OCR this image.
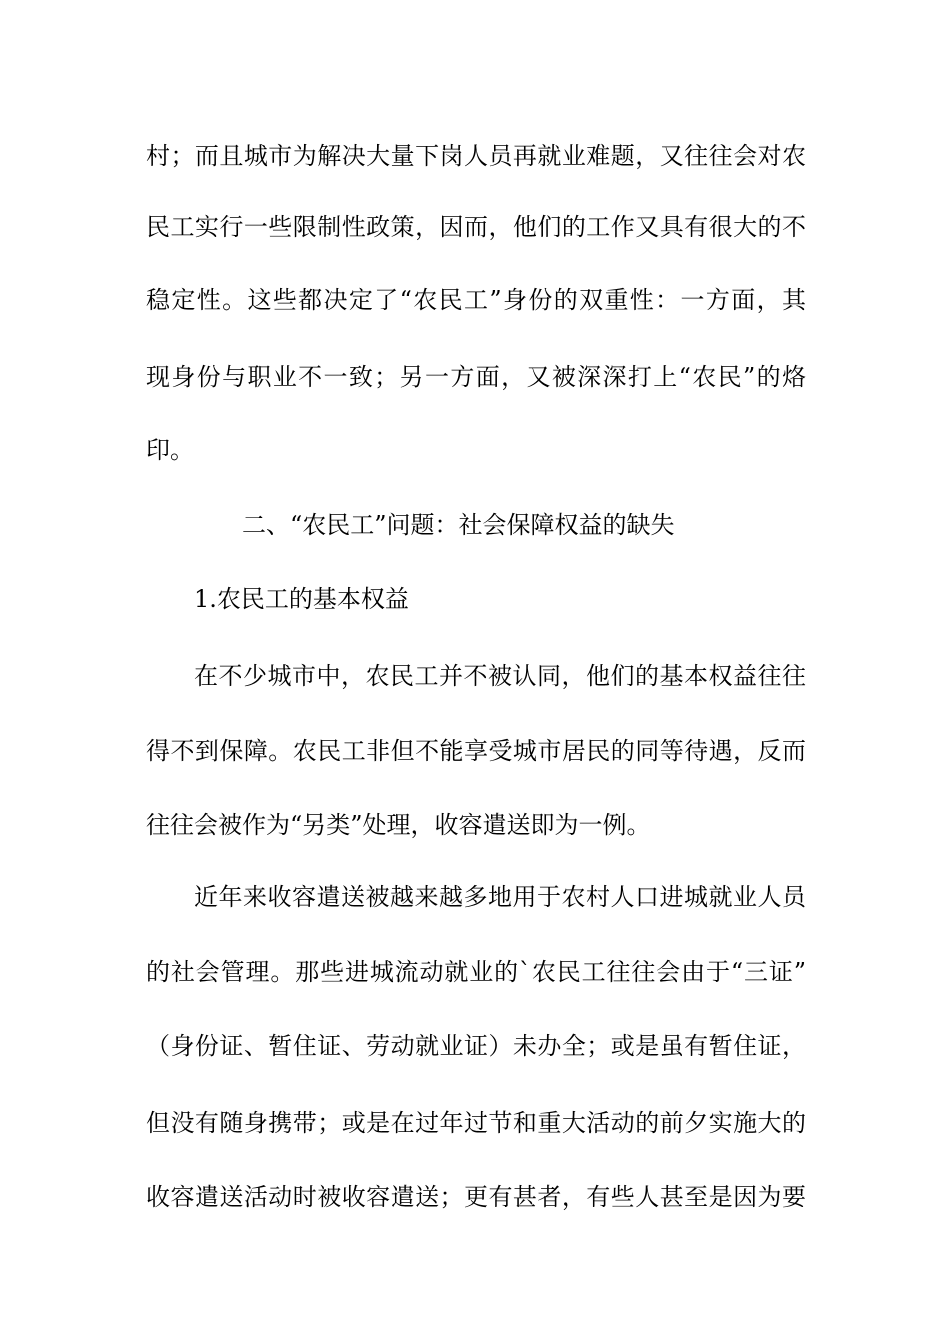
村；而且城市为解决大量下岗人员再就业难题，又往往会对农
民工实行一些限制性政策，因而，他们的工作又具有很大的不
稳定性。这些都决定了“农民工”身份的双重性：一方面，其
现身份与职业不一致；另一方面，又被深深打上“农民”的烙
印。
二、“农民工”问题：社会保障权益的缺失
1.农民工的基本权益
在不少城市中，农民工并不被认同，他们的基本权益往往
得不到保障。农民工非但不能享受城市居民的同等待遇，反而
往往会被作为“另类”处理，收容遣送即为一例。
近年来收容遣送被越来越多地用于农村人口进城就业人员
的社会管理。那些进城流动就业的`农民工往往会由于“三证”
（身份证、暂住证、劳动就业证）未办全；或是虽有暂住证，
但没有随身携带；或是在过年过节和重大活动的前夕实施大的
收容遣送活动时被收容遣送；更有甚者，有些人甚至是因为要
